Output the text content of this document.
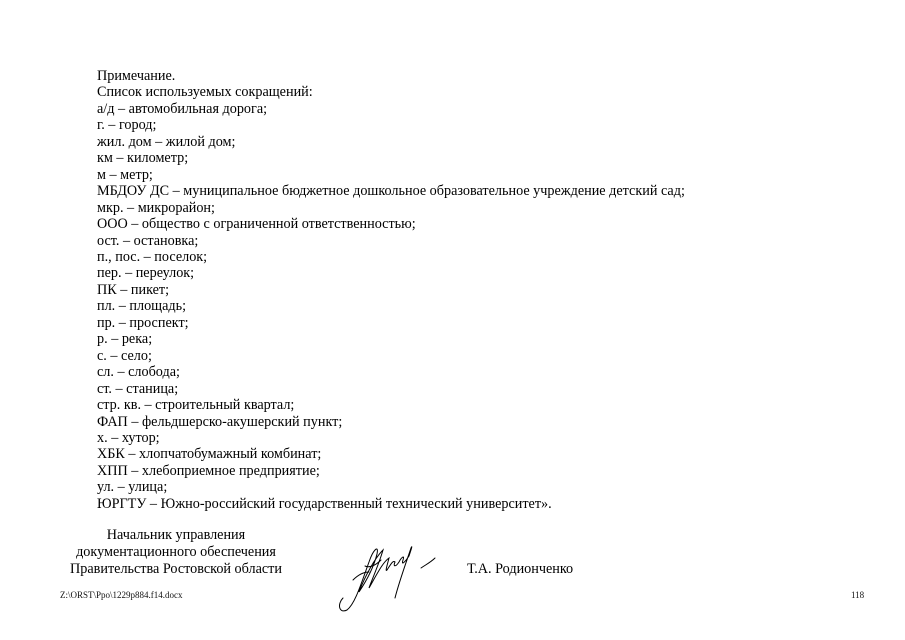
Примечание.
Список используемых сокращений:
а/д – автомобильная дорога;
г. – город;
жил. дом – жилой дом;
км – километр;
м – метр;
МБДОУ ДС – муниципальное бюджетное дошкольное образовательное учреждение детский сад;
мкр. – микрорайон;
ООО – общество с ограниченной ответственностью;
ост. – остановка;
п., пос. – поселок;
пер. – переулок;
ПК – пикет;
пл. – площадь;
пр. – проспект;
р. – река;
с. – село;
сл. – слобода;
ст. – станица;
стр. кв. – строительный квартал;
ФАП – фельдшерско-акушерский пункт;
х. – хутор;
ХБК – хлопчатобумажный комбинат;
ХПП – хлебоприемное предприятие;
ул. – улица;
ЮРГТУ – Южно-российский государственный технический университет».
Начальник управления
документационного обеспечения
Правительства Ростовской области	Т.А. Родионченко
Z:\ORST\Ppo\1229p884.f14.docx	118
